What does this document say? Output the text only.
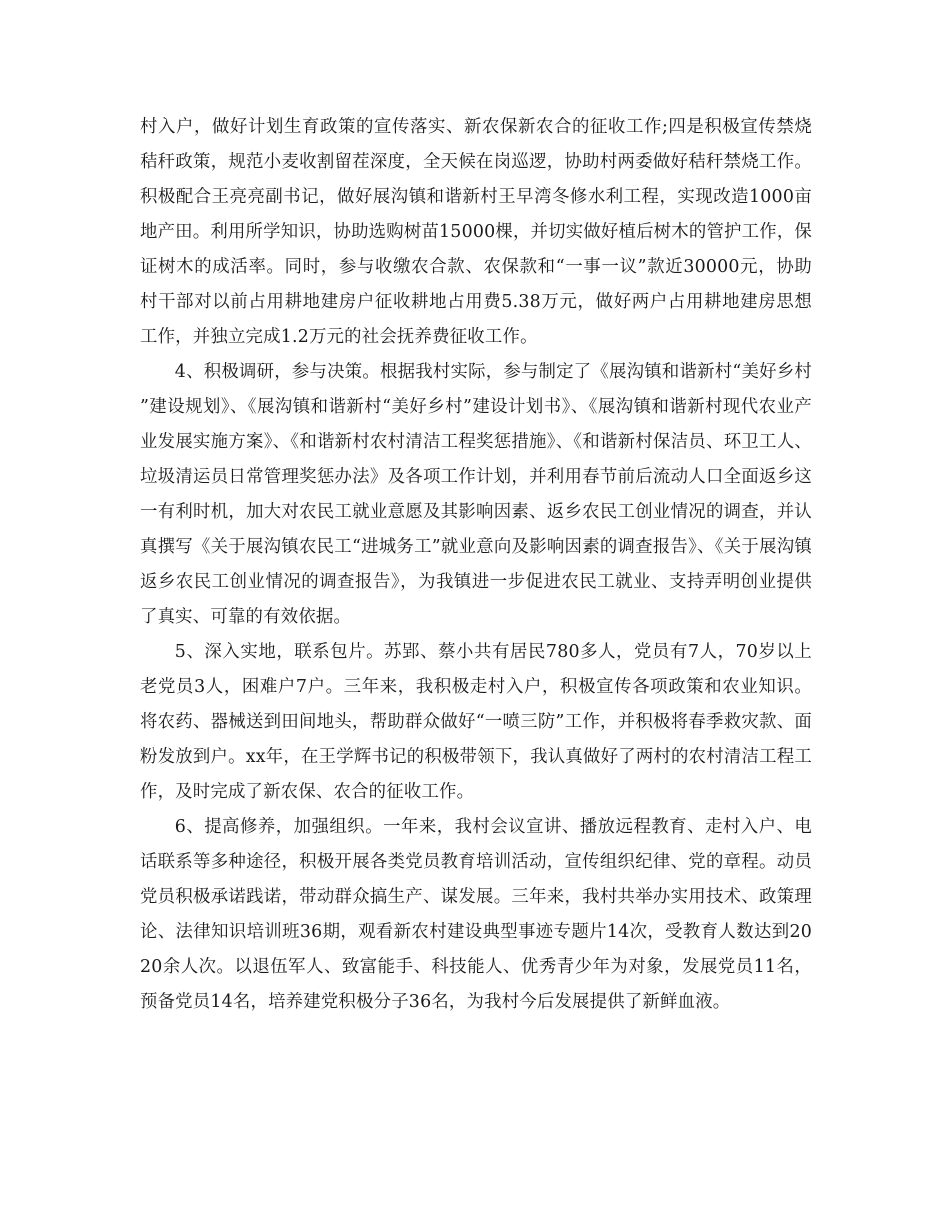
村入户，做好计划生育政策的宣传落实、新农保新农合的征收工作;四是积极宣传禁烧秸秆政策，规范小麦收割留茬深度，全天候在岗巡逻，协助村两委做好秸秆禁烧工作。积极配合王亮亮副书记，做好展沟镇和谐新村王早湾冬修水利工程，实现改造1000亩地产田。利用所学知识，协助选购树苗15000棵，并切实做好植后树木的管护工作，保证树木的成活率。同时，参与收缴农合款、农保款和“一事一议”款近30000元，协助村干部对以前占用耕地建房户征收耕地占用费5.38万元，做好两户占用耕地建房思想工作，并独立完成1.2万元的社会抚养费征收工作。

4、积极调研，参与决策。根据我村实际，参与制定了《展沟镇和谐新村“美好乡村”建设规划》、《展沟镇和谐新村“美好乡村”建设计划书》、《展沟镇和谐新村现代农业产业发展实施方案》、《和谐新村农村清洁工程奖惩措施》、《和谐新村保洁员、环卫工人、垃圾清运员日常管理奖惩办法》及各项工作计划，并利用春节前后流动人口全面返乡这一有利时机，加大对农民工就业意愿及其影响因素、返乡农民工创业情况的调查，并认真撰写《关于展沟镇农民工“进城务工”就业意向及影响因素的调查报告》、《关于展沟镇返乡农民工创业情况的调查报告》，为我镇进一步促进农民工就业、支持弄明创业提供了真实、可靠的有效依据。

5、深入实地，联系包片。苏郢、蔡小共有居民780多人，党员有7人，70岁以上老党员3人，困难户7户。三年来，我积极走村入户，积极宣传各项政策和农业知识。将农药、器械送到田间地头，帮助群众做好“一喷三防”工作，并积极将春季救灾款、面粉发放到户。xx年，在王学辉书记的积极带领下，我认真做好了两村的农村清洁工程工作，及时完成了新农保、农合的征收工作。

6、提高修养，加强组织。一年来，我村会议宣讲、播放远程教育、走村入户、电话联系等多种途径，积极开展各类党员教育培训活动，宣传组织纪律、党的章程。动员党员积极承诺践诺，带动群众搞生产、谋发展。三年来，我村共举办实用技术、政策理论、法律知识培训班36期，观看新农村建设典型事迹专题片14次，受教育人数达到2020余人次。以退伍军人、致富能手、科技能人、优秀青少年为对象，发展党员11名，预备党员14名，培养建党积极分子36名，为我村今后发展提供了新鲜血液。
